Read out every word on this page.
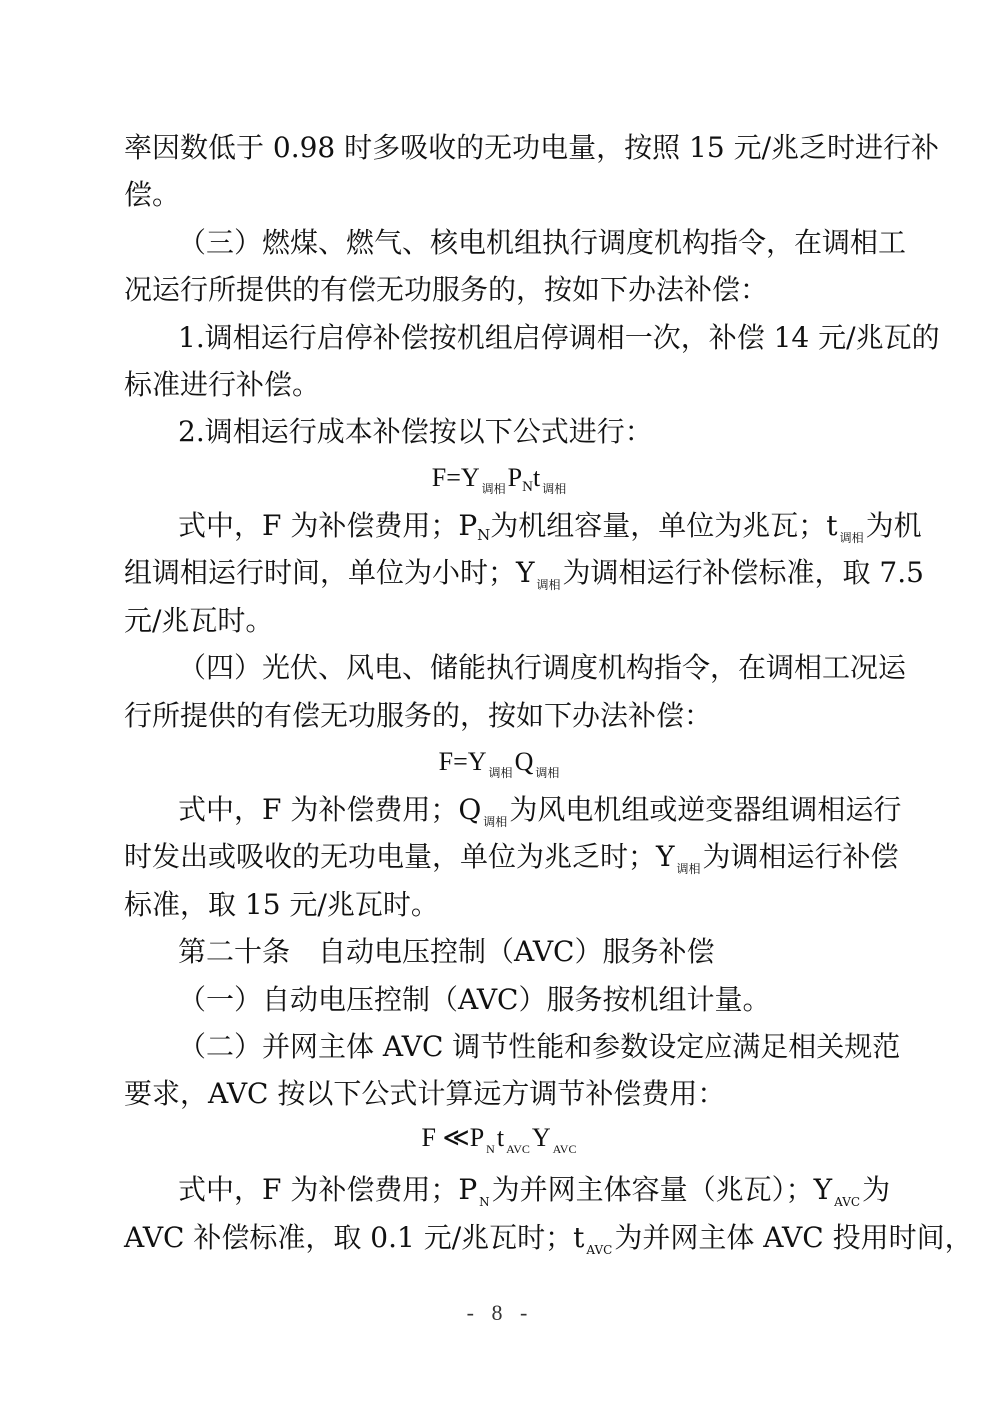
率因数低于 0.98 时多吸收的无功电量，按照 15 元/兆乏时进行补
偿。
（三）燃煤、燃气、核电机组执行调度机构指令，在调相工
况运行所提供的有偿无功服务的，按如下办法补偿：
1.调相运行启停补偿按机组启停调相一次，补偿 14 元/兆瓦的
标准进行补偿。
2.调相运行成本补偿按以下公式进行：
F=Y $_{调相}$PNt $_{调相}$
式中，F 为补偿费用；PN为机组容量，单位为兆瓦；t $_{调相}$为机
组调相运行时间，单位为小时；Y $_{调相}$为调相运行补偿标准，取 7.5
元/兆瓦时。
（四）光伏、风电、储能执行调度机构指令，在调相工况运
行所提供的有偿无功服务的，按如下办法补偿：
F=Y $_{调相}$Q $_{调相}$
式中，F 为补偿费用；Q $_{调相}$为风电机组或逆变器组调相运行
时发出或吸收的无功电量，单位为兆乏时；Y $_{调相}$为调相运行补偿
标准，取 15 元/兆瓦时。
第二十条　自动电压控制（AVC）服务补偿
（一）自动电压控制（AVC）服务按机组计量。
（二）并网主体 AVC 调节性能和参数设定应满足相关规范
要求，AVC 按以下公式计算远方调节补偿费用：
F ≪P $_N$t $_{AVC}$Y $_{AVC}$
式中，F 为补偿费用；P $_N$为并网主体容量（兆瓦）；Y $_{AVC}$为
AVC 补偿标准，取 0.1 元/兆瓦时；t $_{AVC}$为并网主体 AVC 投用时间，
- 8 -
